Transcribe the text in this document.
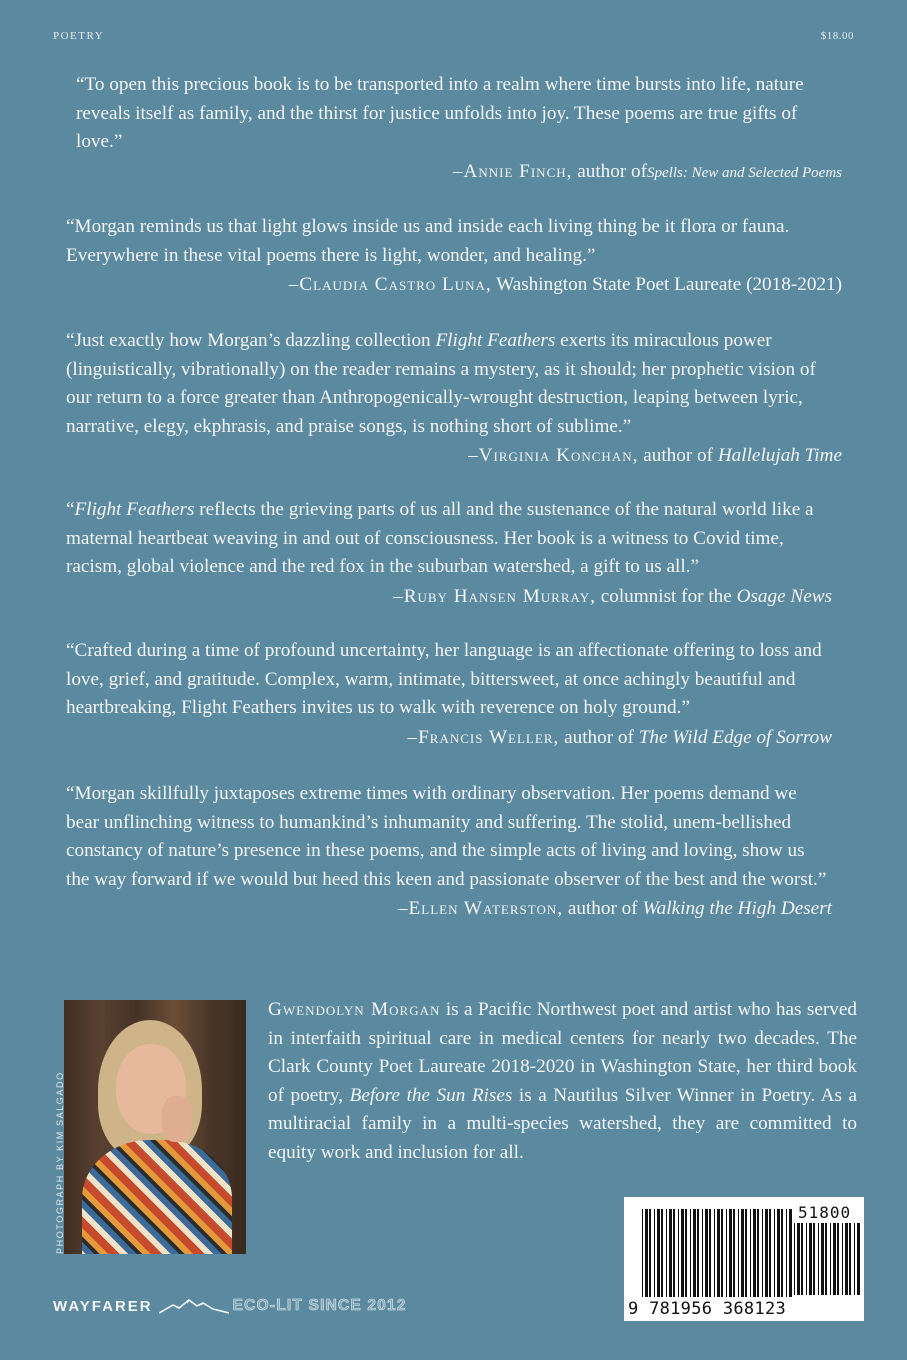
POETRY	$18.00

“To open this precious book is to be transported into a realm where time bursts into life, nature reveals itself as family, and the thirst for justice unfolds into joy. These poems are true gifts of love.”

–Annie Finch, author ofSpells: New and Selected Poems

“Morgan reminds us that light glows inside us and inside each living thing be it flora or fauna. Everywhere in these vital poems there is light, wonder, and healing.”

–Claudia Castro Luna, Washington State Poet Laureate (2018-2021)

“Just exactly how Morgan’s dazzling collection Flight Feathers exerts its miraculous power (linguistically, vibrationally) on the reader remains a mystery, as it should; her prophetic vision of our return to a force greater than Anthropogenically-wrought destruction, leaping between lyric, narrative, elegy, ekphrasis, and praise songs, is nothing short of sublime.”

–Virginia Konchan, author of Hallelujah Time

“Flight Feathers reflects the grieving parts of us all and the sustenance of the natural world like a maternal heartbeat weaving in and out of consciousness. Her book is a witness to Covid time, racism, global violence and the red fox in the suburban watershed, a gift to us all.”

–Ruby Hansen Murray, columnist for the Osage News

“Crafted during a time of profound uncertainty, her language is an affectionate offering to loss and love, grief, and gratitude. Complex, warm, intimate, bittersweet, at once achingly beautiful and heartbreaking, Flight Feathers invites us to walk with reverence on holy ground.”

–Francis Weller, author of The Wild Edge of Sorrow

“Morgan skillfully juxtaposes extreme times with ordinary observation. Her poems demand we bear unflinching witness to humankind’s inhumanity and suffering. The stolid, unem-bellished constancy of nature’s presence in these poems, and the simple acts of living and loving, show us the way forward if we would but heed this keen and passionate observer of the best and the worst.”

–Ellen Waterston, author of Walking the High Desert
PHOTOGRAPH BY KIM SALGADO

Gwendolyn Morgan is a Pacific Northwest poet and artist who has served in interfaith spiritual care in medical centers for nearly two decades. The Clark County Poet Laureate 2018-2020 in Washington State, her third book of poetry, Before the Sun Rises is a Nautilus Silver Winner in Poetry. As a multiracial family in a multi-species watershed, they are committed to equity work and inclusion for all.

51800
9 781956 368123
WAYFARER	ECO-LIT SINCE 2012
